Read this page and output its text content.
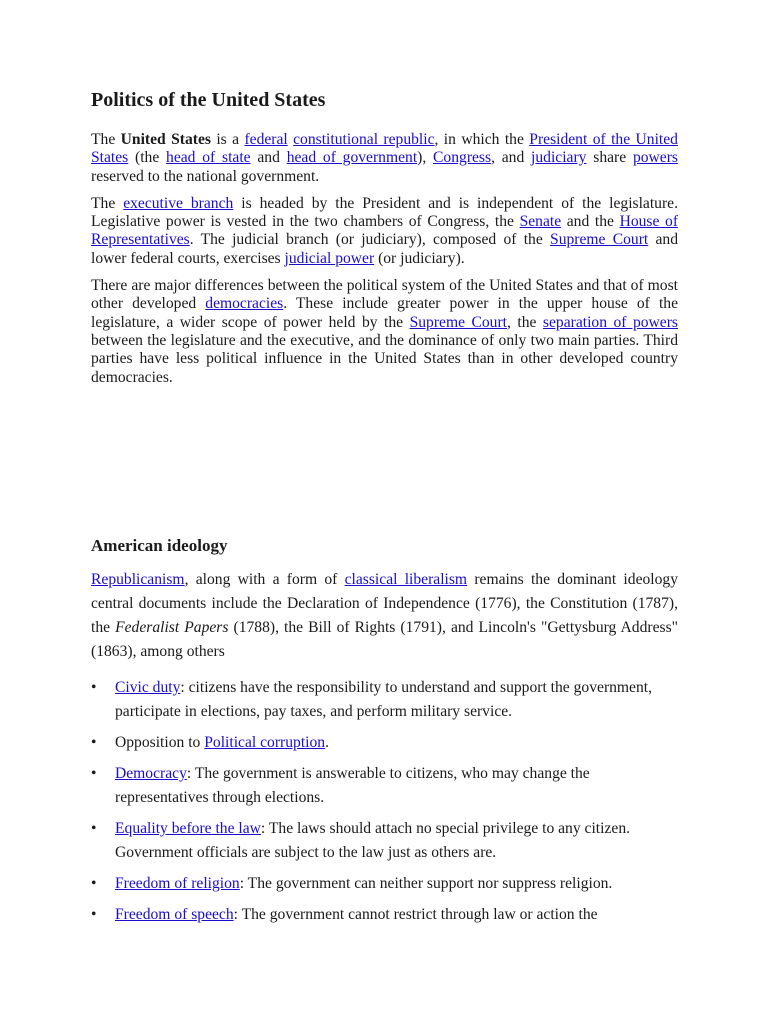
Politics of the United States

The United States is a federal constitutional republic, in which the President of the United States (the head of state and head of government), Congress, and judiciary share powers reserved to the national government.

The executive branch is headed by the President and is independent of the legislature. Legislative power is vested in the two chambers of Congress, the Senate and the House of Representatives. The judicial branch (or judiciary), composed of the Supreme Court and lower federal courts, exercises judicial power (or judiciary).

There are major differences between the political system of the United States and that of most other developed democracies. These include greater power in the upper house of the legislature, a wider scope of power held by the Supreme Court, the separation of powers between the legislature and the executive, and the dominance of only two main parties. Third parties have less political influence in the United States than in other developed country democracies.

American ideology

Republicanism, along with a form of classical liberalism remains the dominant ideology central documents include the Declaration of Independence (1776), the Constitution (1787), the Federalist Papers (1788), the Bill of Rights (1791), and Lincoln's "Gettysburg Address" (1863), among others

• Civic duty: citizens have the responsibility to understand and support the government, participate in elections, pay taxes, and perform military service.
• Opposition to Political corruption.
• Democracy: The government is answerable to citizens, who may change the representatives through elections.
• Equality before the law: The laws should attach no special privilege to any citizen. Government officials are subject to the law just as others are.
• Freedom of religion: The government can neither support nor suppress religion.
• Freedom of speech: The government cannot restrict through law or action the
